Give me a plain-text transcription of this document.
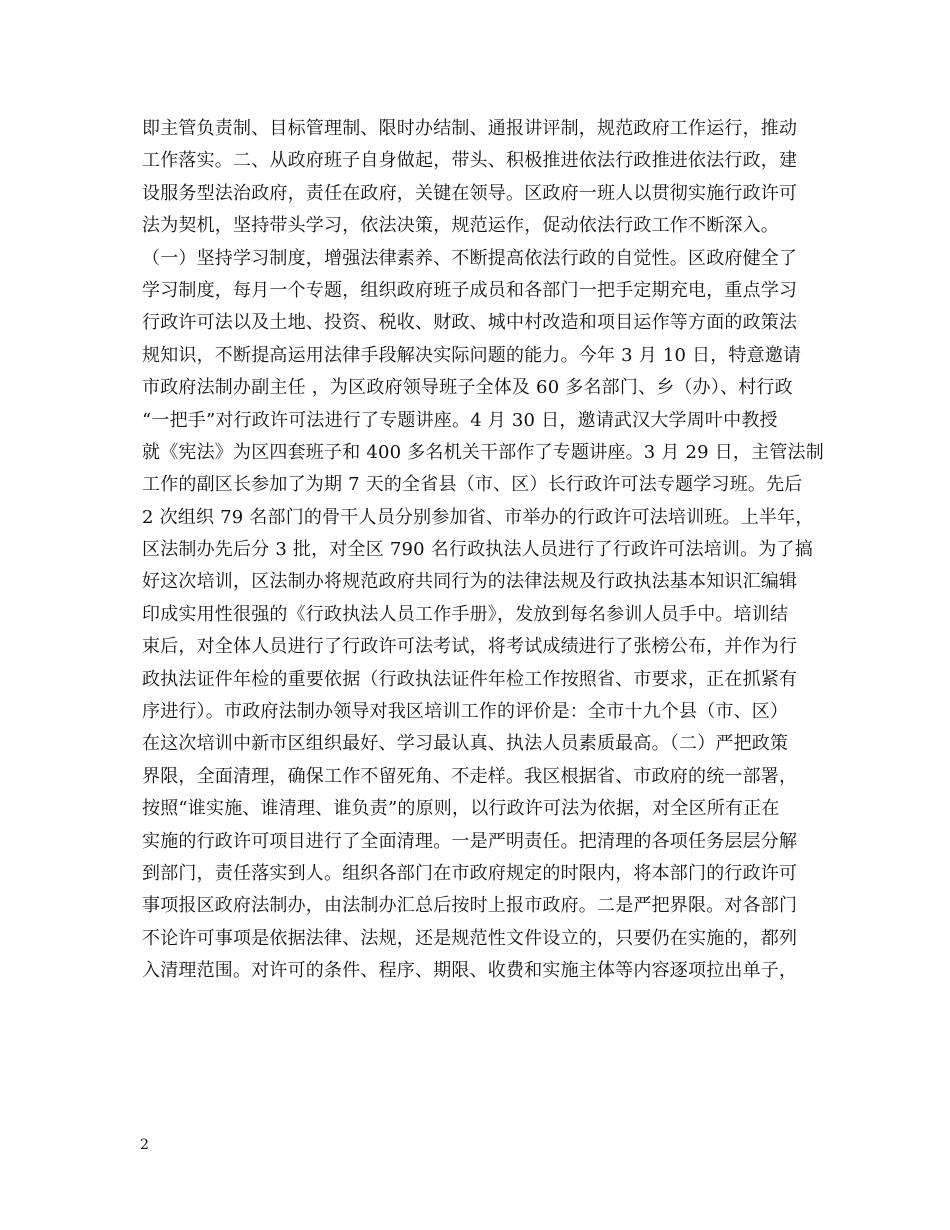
即主管负责制、目标管理制、限时办结制、通报讲评制，规范政府工作运行，推动
工作落实。二、从政府班子自身做起，带头、积极推进依法行政推进依法行政，建
设服务型法治政府，责任在政府，关键在领导。区政府一班人以贯彻实施行政许可
法为契机，坚持带头学习，依法决策，规范运作，促动依法行政工作不断深入。
（一）坚持学习制度，增强法律素养、不断提高依法行政的自觉性。区政府健全了
学习制度，每月一个专题，组织政府班子成员和各部门一把手定期充电，重点学习
行政许可法以及土地、投资、税收、财政、城中村改造和项目运作等方面的政策法
规知识，不断提高运用法律手段解决实际问题的能力。今年 3 月 10 日，特意邀请
市政府法制办副主任 ，为区政府领导班子全体及 60 多名部门、乡（办）、村行政
“一把手”对行政许可法进行了专题讲座。4 月 30 日，邀请武汉大学周叶中教授
就《宪法》为区四套班子和 400 多名机关干部作了专题讲座。3 月 29 日，主管法制
工作的副区长参加了为期 7 天的全省县（市、区）长行政许可法专题学习班。先后
2 次组织 79 名部门的骨干人员分别参加省、市举办的行政许可法培训班。上半年，
区法制办先后分 3 批，对全区 790 名行政执法人员进行了行政许可法培训。为了搞
好这次培训，区法制办将规范政府共同行为的法律法规及行政执法基本知识汇编辑
印成实用性很强的《行政执法人员工作手册》，发放到每名参训人员手中。培训结
束后，对全体人员进行了行政许可法考试，将考试成绩进行了张榜公布，并作为行
政执法证件年检的重要依据（行政执法证件年检工作按照省、市要求，正在抓紧有
序进行）。市政府法制办领导对我区培训工作的评价是：全市十九个县（市、区）
在这次培训中新市区组织最好、学习最认真、执法人员素质最高。（二）严把政策
界限，全面清理，确保工作不留死角、不走样。我区根据省、市政府的统一部署，
按照“谁实施、谁清理、谁负责”的原则，以行政许可法为依据，对全区所有正在
实施的行政许可项目进行了全面清理。一是严明责任。把清理的各项任务层层分解
到部门，责任落实到人。组织各部门在市政府规定的时限内，将本部门的行政许可
事项报区政府法制办，由法制办汇总后按时上报市政府。二是严把界限。对各部门
不论许可事项是依据法律、法规，还是规范性文件设立的，只要仍在实施的，都列
入清理范围。对许可的条件、程序、期限、收费和实施主体等内容逐项拉出单子，
2
